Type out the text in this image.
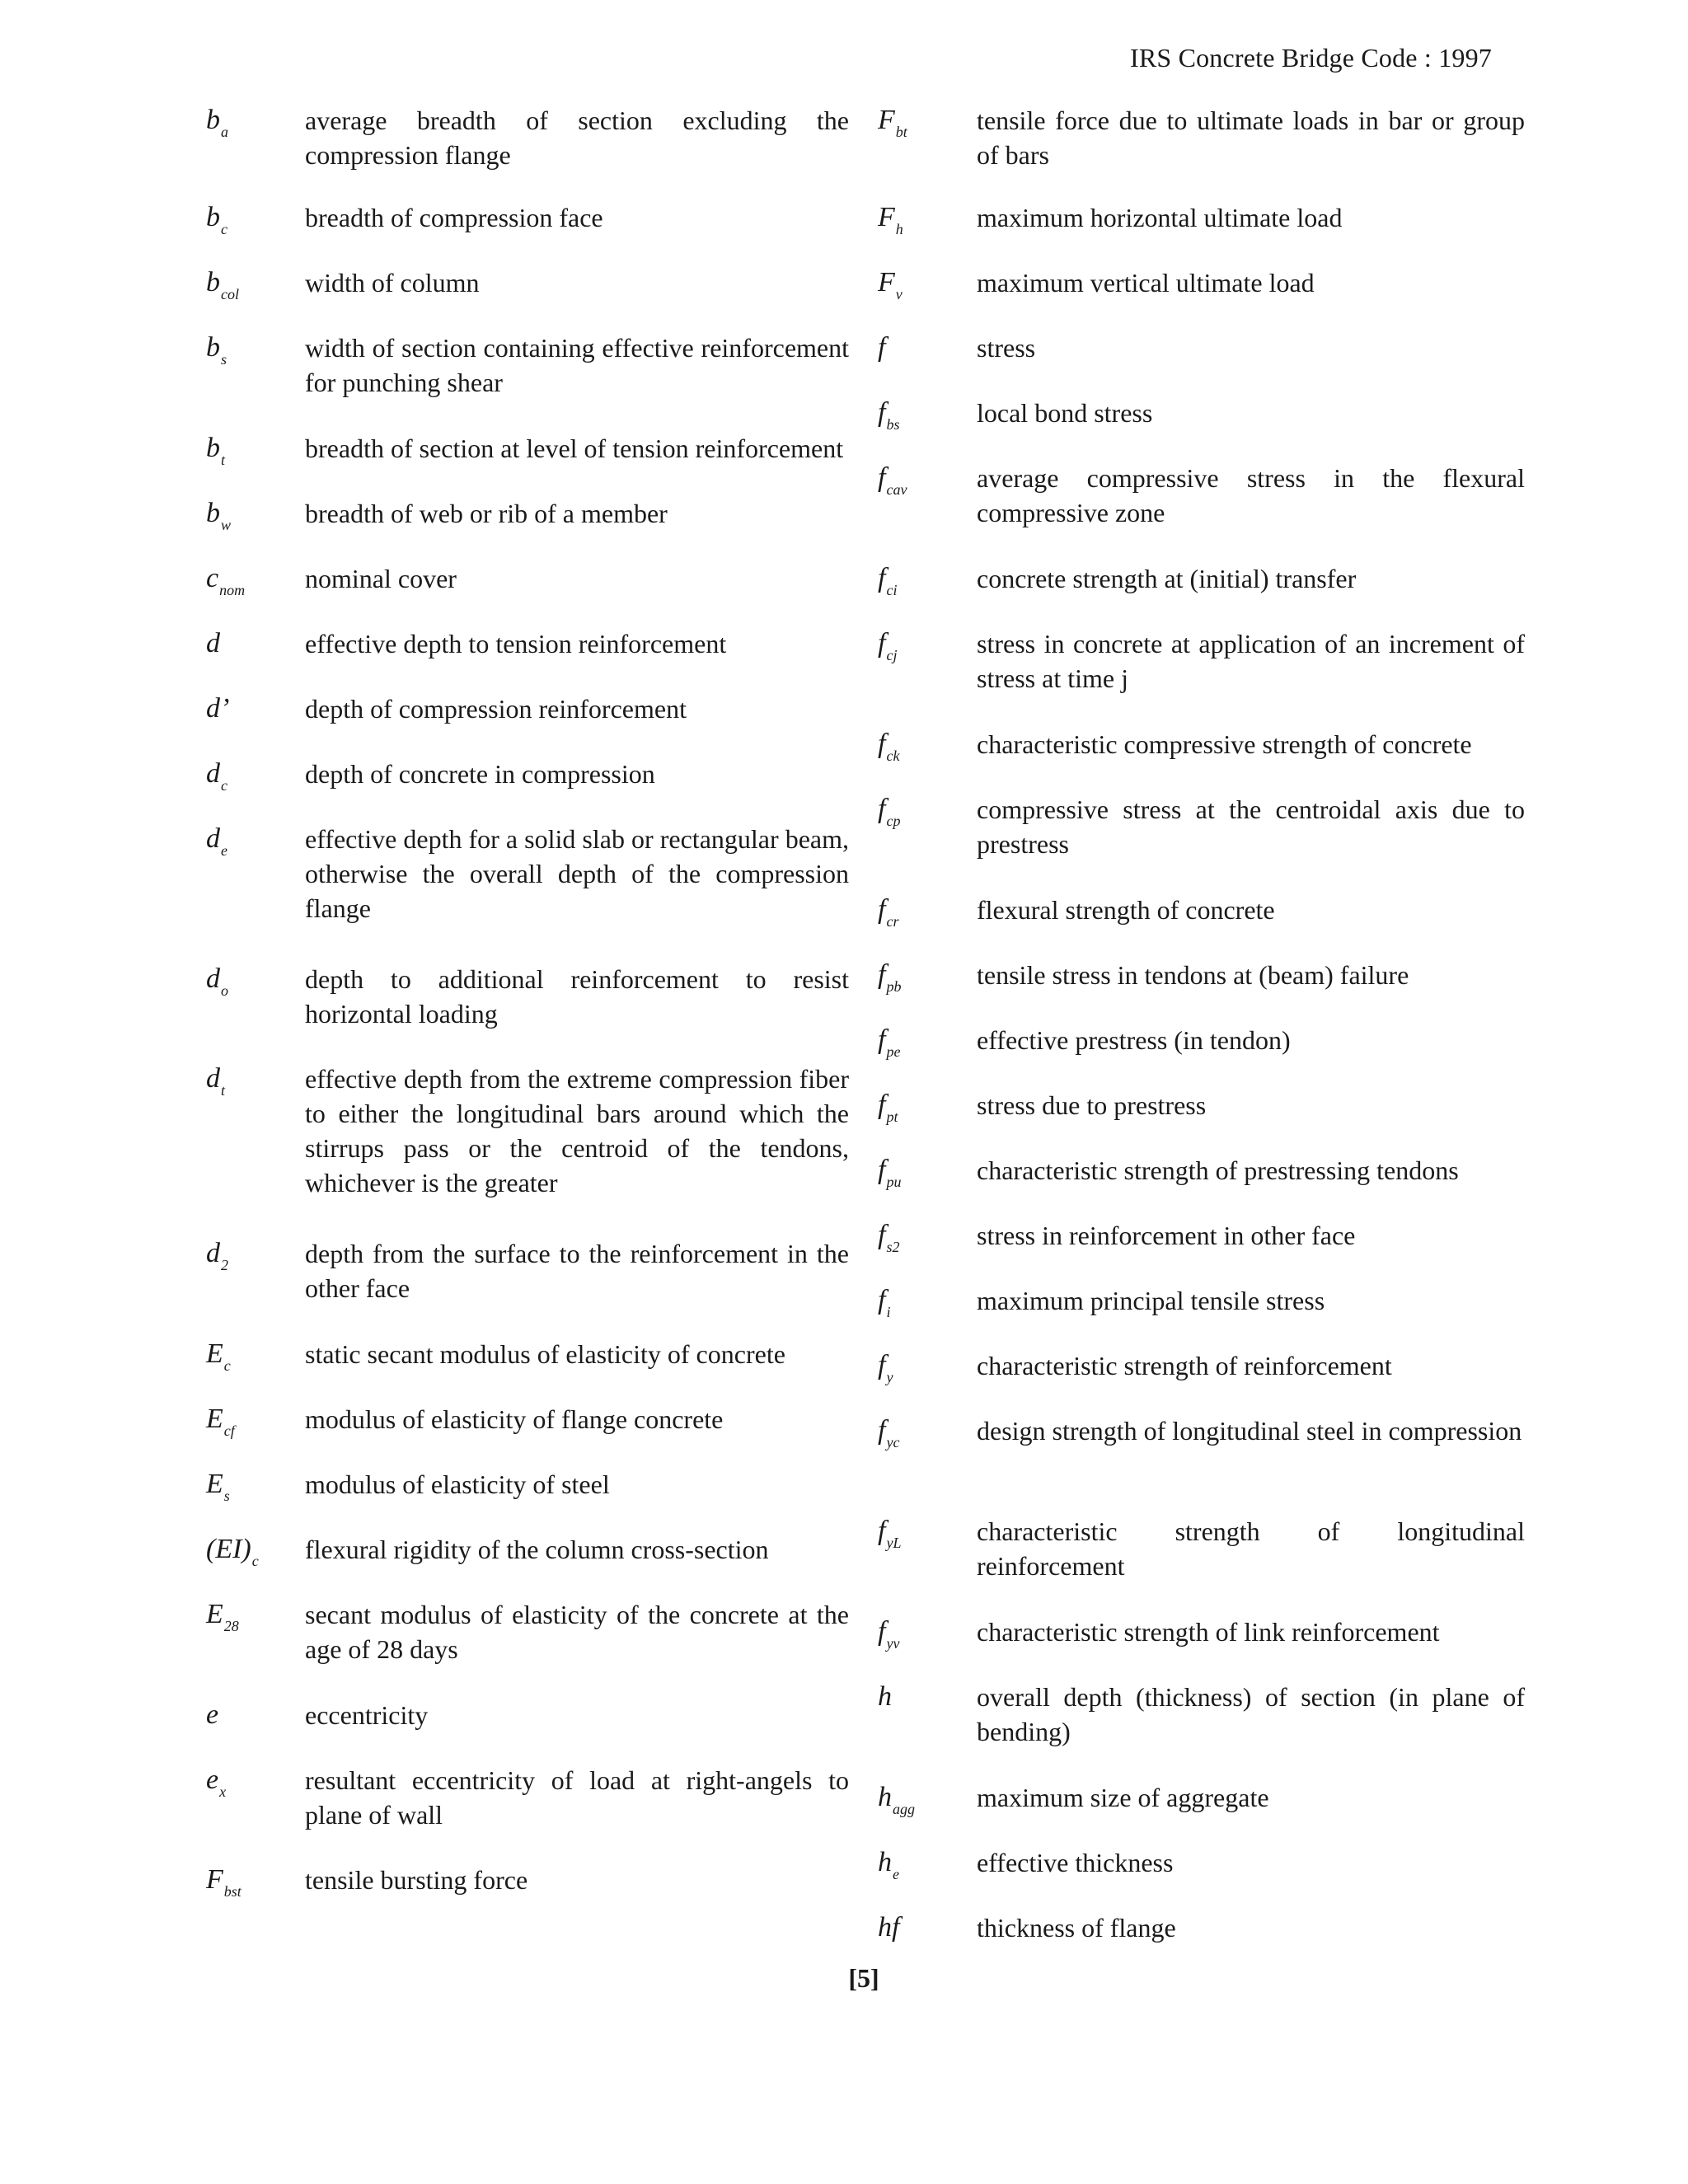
IRS Concrete Bridge Code : 1997
$b_a$	average breadth of section excluding the compression flange
$b_c$	breadth of compression face
$b_{col}$	width of column
$b_s$	width of section containing effective reinforcement for punching shear
$b_t$	breadth of section at level of tension reinforcement
$b_w$	breadth of web or rib of a member
$c_{nom}$ nominal cover
d	effective depth to tension reinforcement
d’	depth of compression reinforcement
$d_c$	depth of concrete in compression
$d_e$	effective depth for a solid slab or rectangular beam, otherwise the overall depth of the compression flange
$d_o$	depth to additional reinforcement to resist horizontal loading
$d_t$	effective depth from the extreme compression fiber to either the longitudinal bars around which the stirrups pass or the centroid of the tendons, whichever is the greater
$d_2$	depth from the surface to the reinforcement in the other face
$E_c$	static secant modulus of elasticity of concrete
$E_{cf}$	modulus of elasticity of flange concrete
$E_s$	modulus of elasticity of steel
$(EI)_c$ flexural rigidity of the column cross-section
$E_{28}$	secant modulus of elasticity of the concrete at the age of 28 days
e	eccentricity
$e_x$	resultant eccentricity of load at right-angels to plane of wall
$F_{bst}$ tensile bursting force
$F_{bt}$	tensile force due to ultimate loads in bar or group of bars
$F_h$	maximum horizontal ultimate load
$F_v$	maximum vertical ultimate load
f	stress
$f_{bs}$	local bond stress
$f_{cav}$	average compressive stress in the flexural compressive zone
$f_{ci}$	concrete strength at (initial) transfer
$f_{cj}$	stress in concrete at application of an increment of stress at time j
$f_{ck}$	characteristic compressive strength of concrete
$f_{cp}$	compressive stress at the centroidal axis due to prestress
$f_{cr}$	flexural strength of concrete
$f_{pb}$	tensile stress in tendons at (beam) failure
$f_{pe}$	effective prestress (in tendon)
$f_{pt}$	stress due to prestress
$f_{pu}$	characteristic strength of prestressing tendons
$f_{s2}$	stress in reinforcement in other face
$f_i$	maximum principal tensile stress
$f_y$	characteristic strength of reinforcement
$f_{yc}$	design strength of longitudinal steel in compression
$f_{yL}$	characteristic strength of longitudinal reinforcement
$f_{yv}$	characteristic strength of link reinforcement
h	overall depth (thickness) of section (in plane of bending)
$h_{agg}$ maximum size of aggregate
$h_e$	effective thickness
hf	thickness of flange
[5]
